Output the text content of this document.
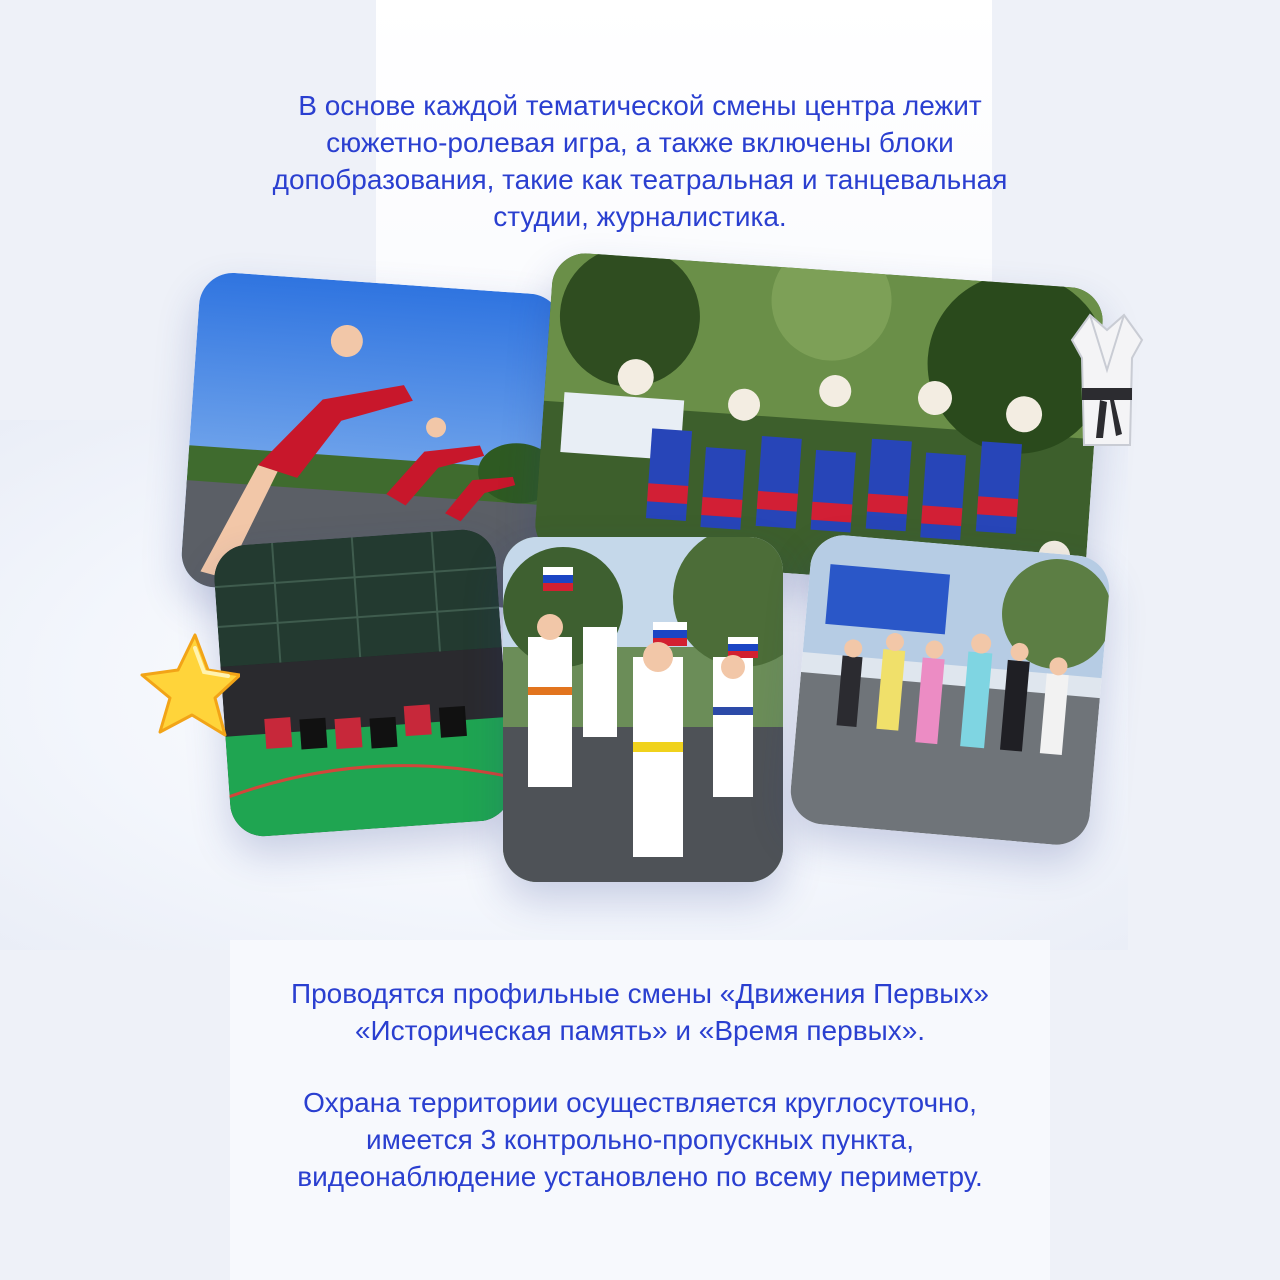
В основе каждой тематической смены центра лежит

сюжетно-ролевая игра, а также включены блоки

допобразования, такие как театральная и танцевальная

студии, журналистика.

Проводятся профильные смены «Движения Первых»

«Историческая память» и «Время первых».

Охрана территории осуществляется круглосуточно,

имеется 3 контрольно-пропускных пункта,

видеонаблюдение установлено по всему периметру.
